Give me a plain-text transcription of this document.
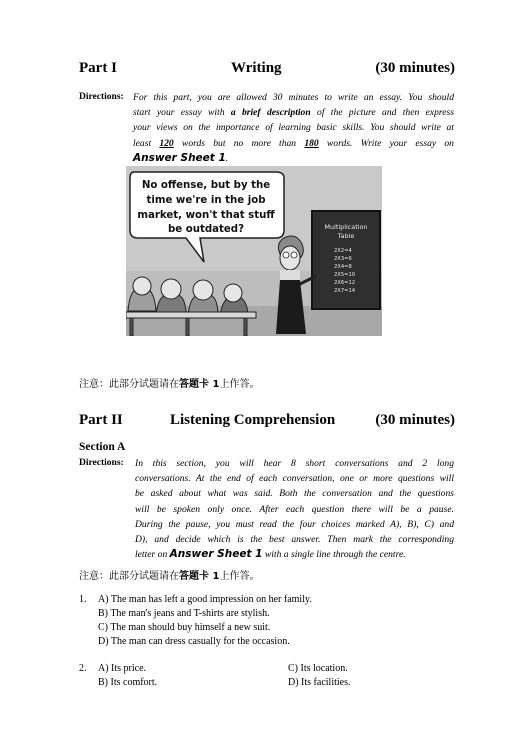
Part I	Writing	(30 minutes)
Directions: For this part, you are allowed 30 minutes to write an essay. You should
start your essay with a brief description of the picture and then express
your views on the importance of learning basic skills. You should write at
least 120 words but no more than 180 words. Write your essay on
Answer Sheet 1.
No offense, but by the
time we're in the job
market, won't that stuff
be outdated?	Multiplication
Table
2X2=4
2X3=6
2X4=8
2X5=10
2X6=12
2X7=14
注意：此部分试题请在答题卡 1上作答。
Part II	Listening Comprehension	(30 minutes)
Section A
Directions: In this section, you will hear 8 short conversations and 2 long
conversations. At the end of each conversation, one or more questions will
be asked about what was said. Both the conversation and the questions
will be spoken only once. After each question there will be a pause.
During the pause, you must read the four choices marked A), B), C) and
D), and decide which is the best answer. Then mark the corresponding
letter on Answer Sheet 1 with a single line through the centre.
注意：此部分试题请在答题卡 1上作答。
1. A) The man has left a good impression on her family.
B) The man's jeans and T-shirts are stylish.
C) The man should buy himself a new suit.
D) The man can dress casually for the occasion.
2. A) Its price.
B) Its comfort.
C) Its location.
D) Its facilities.
